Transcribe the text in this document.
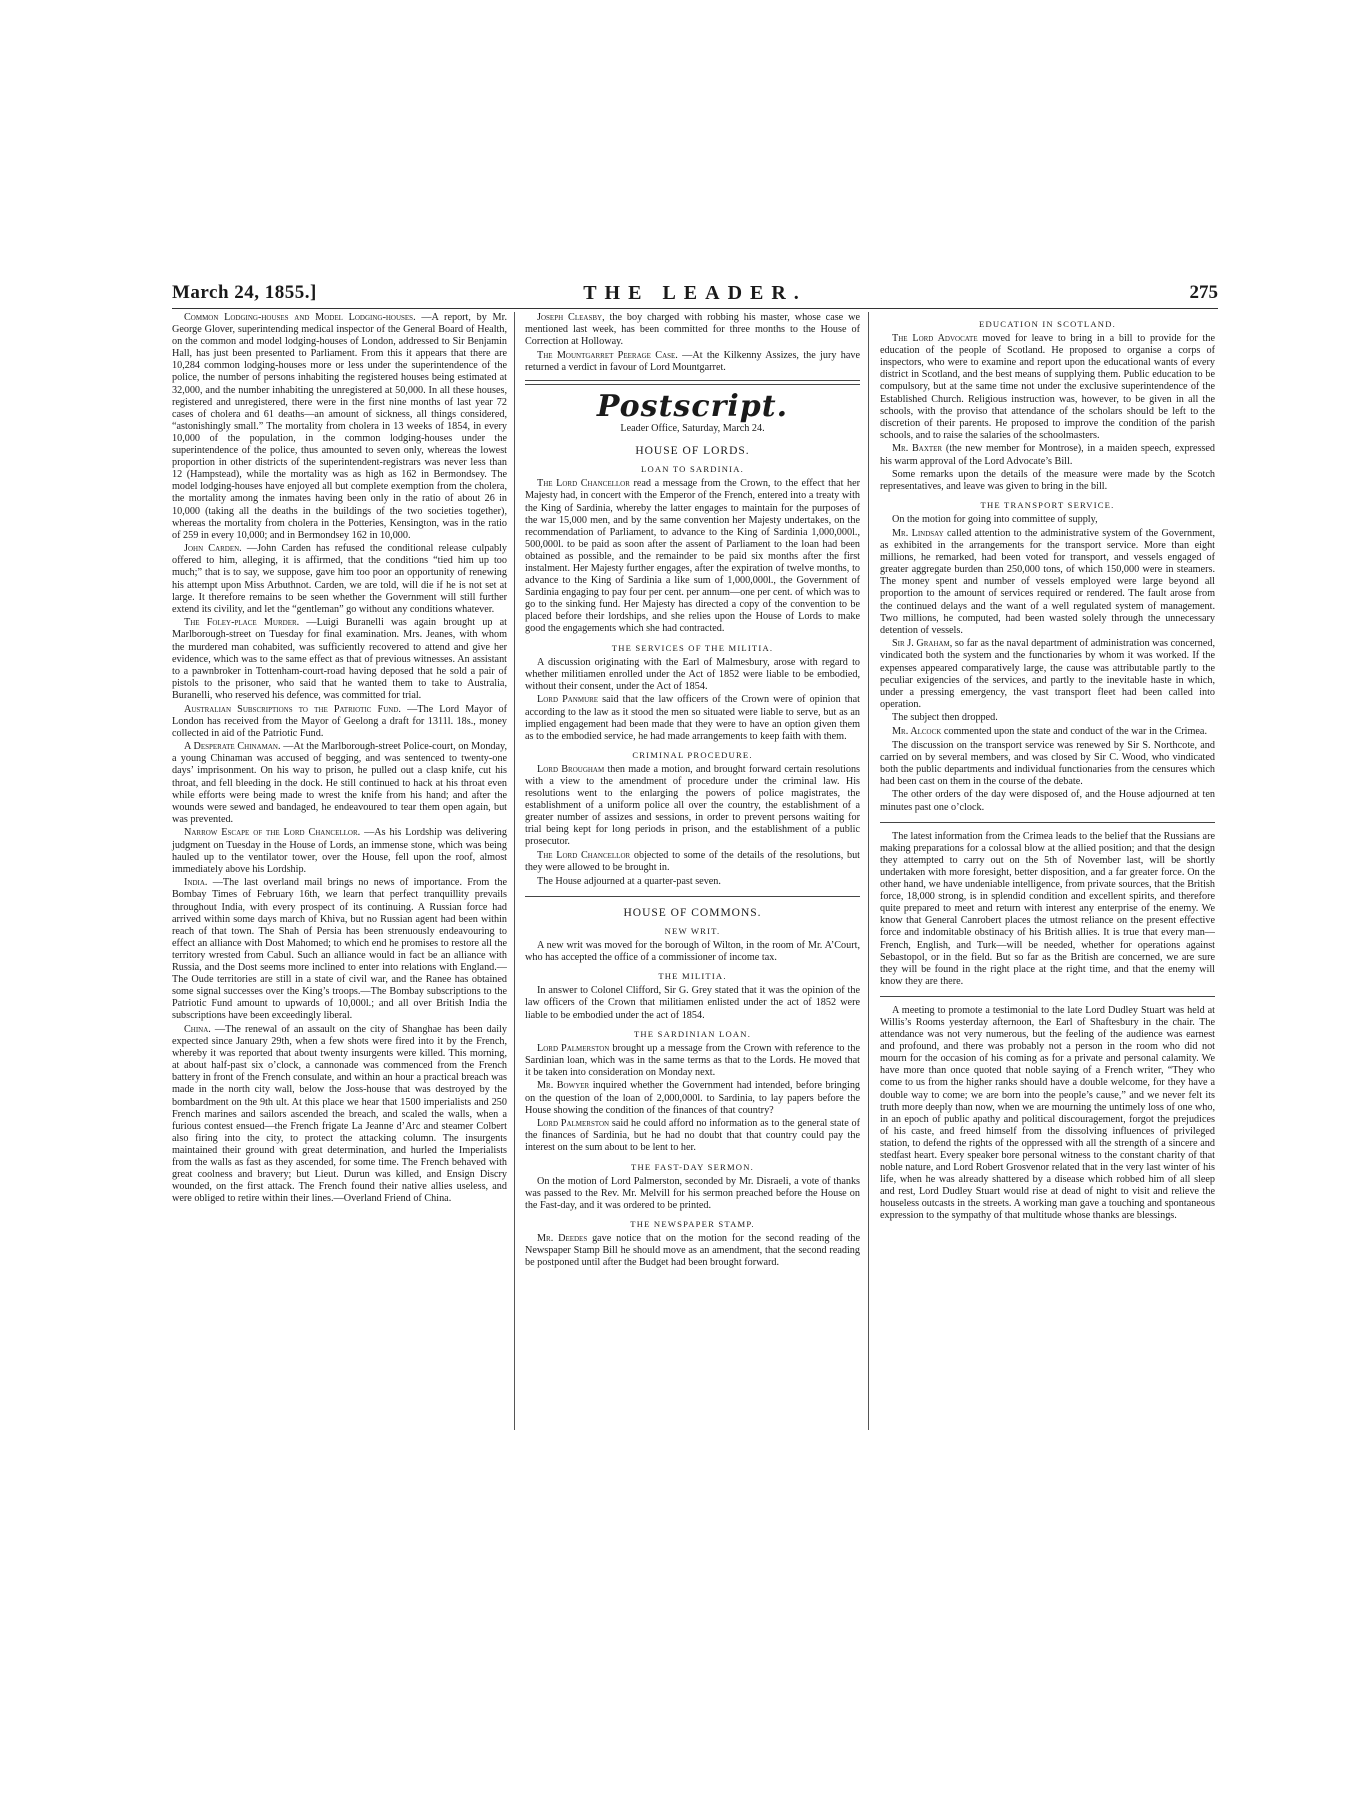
March 24, 1855.]	THE LEADER.	275

Common Lodging-houses and Model Lodging-houses. —A report, by Mr. George Glover, superintending medical inspector of the General Board of Health, on the common and model lodging-houses of London, addressed to Sir Benjamin Hall, has just been presented to Parliament. From this it appears that there are 10,284 common lodging-houses more or less under the superintendence of the police, the number of persons inhabiting the registered houses being estimated at 32,000, and the number inhabiting the unregistered at 50,000. In all these houses, registered and unregistered, there were in the first nine months of last year 72 cases of cholera and 61 deaths—an amount of sickness, all things considered, “astonishingly small.” The mortality from cholera in 13 weeks of 1854, in every 10,000 of the population, in the common lodging-houses under the superintendence of the police, thus amounted to seven only, whereas the lowest proportion in other districts of the superintendent-registrars was never less than 12 (Hampstead), while the mortality was as high as 162 in Bermondsey. The model lodging-houses have enjoyed all but complete exemption from the cholera, the mortality among the inmates having been only in the ratio of about 26 in 10,000 (taking all the deaths in the buildings of the two societies together), whereas the mortality from cholera in the Potteries, Kensington, was in the ratio of 259 in every 10,000; and in Bermondsey 162 in 10,000.

John Carden. —John Carden has refused the conditional release culpably offered to him, alleging, it is affirmed, that the conditions “tied him up too much;” that is to say, we suppose, gave him too poor an opportunity of renewing his attempt upon Miss Arbuthnot. Carden, we are told, will die if he is not set at large. It therefore remains to be seen whether the Government will still further extend its civility, and let the “gentleman” go without any conditions whatever.

The Foley-place Murder. —Luigi Buranelli was again brought up at Marlborough-street on Tuesday for final examination. Mrs. Jeanes, with whom the murdered man cohabited, was sufficiently recovered to attend and give her evidence, which was to the same effect as that of previous witnesses. An assistant to a pawnbroker in Tottenham-court-road having deposed that he sold a pair of pistols to the prisoner, who said that he wanted them to take to Australia, Buranelli, who reserved his defence, was committed for trial.

Australian Subscriptions to the Patriotic Fund. —The Lord Mayor of London has received from the Mayor of Geelong a draft for 1311l. 18s., money collected in aid of the Patriotic Fund.

A Desperate Chinaman. —At the Marlborough-street Police-court, on Monday, a young Chinaman was accused of begging, and was sentenced to twenty-one days’ imprisonment. On his way to prison, he pulled out a clasp knife, cut his throat, and fell bleeding in the dock. He still continued to hack at his throat even while efforts were being made to wrest the knife from his hand; and after the wounds were sewed and bandaged, he endeavoured to tear them open again, but was prevented.

Narrow Escape of the Lord Chancellor. —As his Lordship was delivering judgment on Tuesday in the House of Lords, an immense stone, which was being hauled up to the ventilator tower, over the House, fell upon the roof, almost immediately above his Lordship.

India. —The last overland mail brings no news of importance. From the Bombay Times of February 16th, we learn that perfect tranquillity prevails throughout India, with every prospect of its continuing. A Russian force had arrived within some days march of Khiva, but no Russian agent had been within reach of that town. The Shah of Persia has been strenuously endeavouring to effect an alliance with Dost Mahomed; to which end he promises to restore all the territory wrested from Cabul. Such an alliance would in fact be an alliance with Russia, and the Dost seems more inclined to enter into relations with England.—The Oude territories are still in a state of civil war, and the Ranee has obtained some signal successes over the King’s troops.—The Bombay subscriptions to the Patriotic Fund amount to upwards of 10,000l.; and all over British India the subscriptions have been exceedingly liberal.

China. —The renewal of an assault on the city of Shanghae has been daily expected since January 29th, when a few shots were fired into it by the French, whereby it was reported that about twenty insurgents were killed. This morning, at about half-past six o’clock, a cannonade was commenced from the French battery in front of the French consulate, and within an hour a practical breach was made in the north city wall, below the Joss-house that was destroyed by the bombardment on the 9th ult. At this place we hear that 1500 imperialists and 250 French marines and sailors ascended the breach, and scaled the walls, when a furious contest ensued—the French frigate La Jeanne d’Arc and steamer Colbert also firing into the city, to protect the attacking column. The insurgents maintained their ground with great determination, and hurled the Imperialists from the walls as fast as they ascended, for some time. The French behaved with great coolness and bravery; but Lieut. Durun was killed, and Ensign Discry wounded, on the first attack. The French found their native allies useless, and were obliged to retire within their lines.—Overland Friend of China.

Joseph Cleasby, the boy charged with robbing his master, whose case we mentioned last week, has been committed for three months to the House of Correction at Holloway.

The Mountgarret Peerage Case. —At the Kilkenny Assizes, the jury have returned a verdict in favour of Lord Mountgarret.

Postscript.

Leader Office, Saturday, March 24.

HOUSE OF LORDS.

LOAN TO SARDINIA.

The Lord Chancellor read a message from the Crown, to the effect that her Majesty had, in concert with the Emperor of the French, entered into a treaty with the King of Sardinia, whereby the latter engages to maintain for the purposes of the war 15,000 men, and by the same convention her Majesty undertakes, on the recommendation of Parliament, to advance to the King of Sardinia 1,000,000l., 500,000l. to be paid as soon after the assent of Parliament to the loan had been obtained as possible, and the remainder to be paid six months after the first instalment. Her Majesty further engages, after the expiration of twelve months, to advance to the King of Sardinia a like sum of 1,000,000l., the Government of Sardinia engaging to pay four per cent. per annum—one per cent. of which was to go to the sinking fund. Her Majesty has directed a copy of the convention to be placed before their lordships, and she relies upon the House of Lords to make good the engagements which she had contracted.

THE SERVICES OF THE MILITIA.

A discussion originating with the Earl of Malmesbury, arose with regard to whether militiamen enrolled under the Act of 1852 were liable to be embodied, without their consent, under the Act of 1854.

Lord Panmure said that the law officers of the Crown were of opinion that according to the law as it stood the men so situated were liable to serve, but as an implied engagement had been made that they were to have an option given them as to the embodied service, he had made arrangements to keep faith with them.

CRIMINAL PROCEDURE.

Lord Brougham then made a motion, and brought forward certain resolutions with a view to the amendment of procedure under the criminal law. His resolutions went to the enlarging the powers of police magistrates, the establishment of a uniform police all over the country, the establishment of a greater number of assizes and sessions, in order to prevent persons waiting for trial being kept for long periods in prison, and the establishment of a public prosecutor.

The Lord Chancellor objected to some of the details of the resolutions, but they were allowed to be brought in.

The House adjourned at a quarter-past seven.

HOUSE OF COMMONS.

NEW WRIT.

A new writ was moved for the borough of Wilton, in the room of Mr. A’Court, who has accepted the office of a commissioner of income tax.

THE MILITIA.

In answer to Colonel Clifford, Sir G. Grey stated that it was the opinion of the law officers of the Crown that militiamen enlisted under the act of 1852 were liable to be embodied under the act of 1854.

THE SARDINIAN LOAN.

Lord Palmerston brought up a message from the Crown with reference to the Sardinian loan, which was in the same terms as that to the Lords. He moved that it be taken into consideration on Monday next.

Mr. Bowyer inquired whether the Government had intended, before bringing on the question of the loan of 2,000,000l. to Sardinia, to lay papers before the House showing the condition of the finances of that country?

Lord Palmerston said he could afford no information as to the general state of the finances of Sardinia, but he had no doubt that that country could pay the interest on the sum about to be lent to her.

THE FAST-DAY SERMON.

On the motion of Lord Palmerston, seconded by Mr. Disraeli, a vote of thanks was passed to the Rev. Mr. Melvill for his sermon preached before the House on the Fast-day, and it was ordered to be printed.

THE NEWSPAPER STAMP.

Mr. Deedes gave notice that on the motion for the second reading of the Newspaper Stamp Bill he should move as an amendment, that the second reading be postponed until after the Budget had been brought forward.

EDUCATION IN SCOTLAND.

The Lord Advocate moved for leave to bring in a bill to provide for the education of the people of Scotland. He proposed to organise a corps of inspectors, who were to examine and report upon the educational wants of every district in Scotland, and the best means of supplying them. Public education to be compulsory, but at the same time not under the exclusive superintendence of the Established Church. Religious instruction was, however, to be given in all the schools, with the proviso that attendance of the scholars should be left to the discretion of their parents. He proposed to improve the condition of the parish schools, and to raise the salaries of the schoolmasters.

Mr. Baxter (the new member for Montrose), in a maiden speech, expressed his warm approval of the Lord Advocate’s Bill.

Some remarks upon the details of the measure were made by the Scotch representatives, and leave was given to bring in the bill.

THE TRANSPORT SERVICE.

On the motion for going into committee of supply,

Mr. Lindsay called attention to the administrative system of the Government, as exhibited in the arrangements for the transport service. More than eight millions, he remarked, had been voted for transport, and vessels engaged of greater aggregate burden than 250,000 tons, of which 150,000 were in steamers. The money spent and number of vessels employed were large beyond all proportion to the amount of services required or rendered. The fault arose from the continued delays and the want of a well regulated system of management. Two millions, he computed, had been wasted solely through the unnecessary detention of vessels.

Sir J. Graham, so far as the naval department of administration was concerned, vindicated both the system and the functionaries by whom it was worked. If the expenses appeared comparatively large, the cause was attributable partly to the peculiar exigencies of the services, and partly to the inevitable haste in which, under a pressing emergency, the vast transport fleet had been called into operation.

The subject then dropped.

Mr. Alcock commented upon the state and conduct of the war in the Crimea.

The discussion on the transport service was renewed by Sir S. Northcote, and carried on by several members, and was closed by Sir C. Wood, who vindicated both the public departments and individual functionaries from the censures which had been cast on them in the course of the debate.

The other orders of the day were disposed of, and the House adjourned at ten minutes past one o’clock.

The latest information from the Crimea leads to the belief that the Russians are making preparations for a colossal blow at the allied position; and that the design they attempted to carry out on the 5th of November last, will be shortly undertaken with more foresight, better disposition, and a far greater force. On the other hand, we have undeniable intelligence, from private sources, that the British force, 18,000 strong, is in splendid condition and excellent spirits, and therefore quite prepared to meet and return with interest any enterprise of the enemy. We know that General Canrobert places the utmost reliance on the present effective force and indomitable obstinacy of his British allies. It is true that every man—French, English, and Turk—will be needed, whether for operations against Sebastopol, or in the field. But so far as the British are concerned, we are sure they will be found in the right place at the right time, and that the enemy will know they are there.

A meeting to promote a testimonial to the late Lord Dudley Stuart was held at Willis’s Rooms yesterday afternoon, the Earl of Shaftesbury in the chair. The attendance was not very numerous, but the feeling of the audience was earnest and profound, and there was probably not a person in the room who did not mourn for the occasion of his coming as for a private and personal calamity. We have more than once quoted that noble saying of a French writer, “They who come to us from the higher ranks should have a double welcome, for they have a double way to come; we are born into the people’s cause,” and we never felt its truth more deeply than now, when we are mourning the untimely loss of one who, in an epoch of public apathy and political discouragement, forgot the prejudices of his caste, and freed himself from the dissolving influences of privileged station, to defend the rights of the oppressed with all the strength of a sincere and stedfast heart. Every speaker bore personal witness to the constant charity of that noble nature, and Lord Robert Grosvenor related that in the very last winter of his life, when he was already shattered by a disease which robbed him of all sleep and rest, Lord Dudley Stuart would rise at dead of night to visit and relieve the houseless outcasts in the streets. A working man gave a touching and spontaneous expression to the sympathy of that multitude whose thanks are blessings.
